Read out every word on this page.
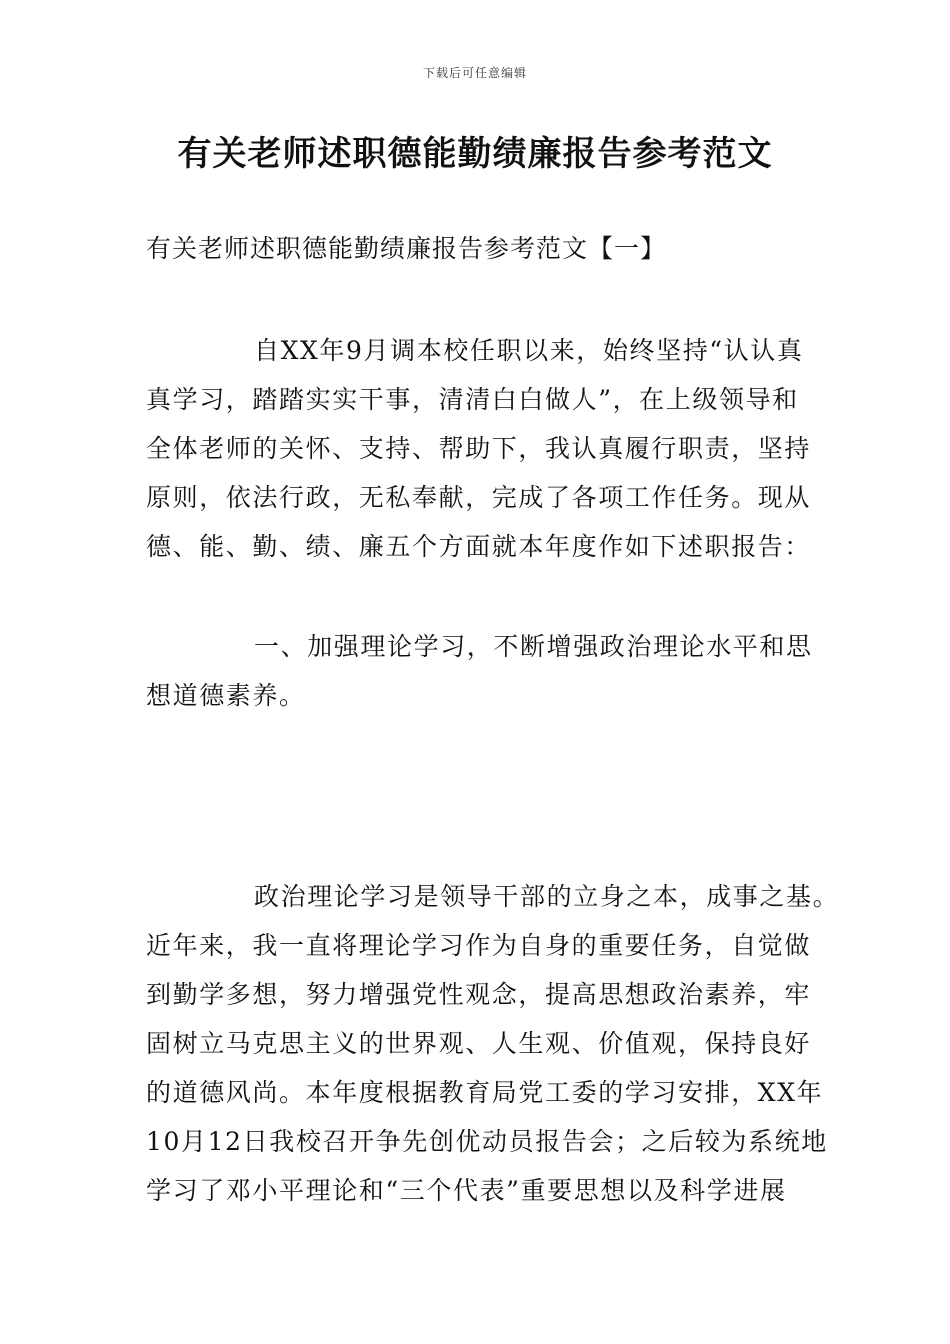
下载后可任意编辑
有关老师述职德能勤绩廉报告参考范文

有关老师述职德能勤绩廉报告参考范文【一】

自XX年9月调本校任职以来，始终坚持“认认真
真学习，踏踏实实干事，清清白白做人”，在上级领导和
全体老师的关怀、支持、帮助下，我认真履行职责，坚持
原则，依法行政，无私奉献，完成了各项工作任务。现从
德、能、勤、绩、廉五个方面就本年度作如下述职报告：
一、加强理论学习，不断增强政治理论水平和思
想道德素养。
政治理论学习是领导干部的立身之本，成事之基。
近年来，我一直将理论学习作为自身的重要任务，自觉做
到勤学多想，努力增强党性观念，提高思想政治素养，牢
固树立马克思主义的世界观、人生观、价值观，保持良好
的道德风尚。本年度根据教育局党工委的学习安排，XX年
10月12日我校召开争先创优动员报告会；之后较为系统地
学习了邓小平理论和“三个代表”重要思想以及科学进展
